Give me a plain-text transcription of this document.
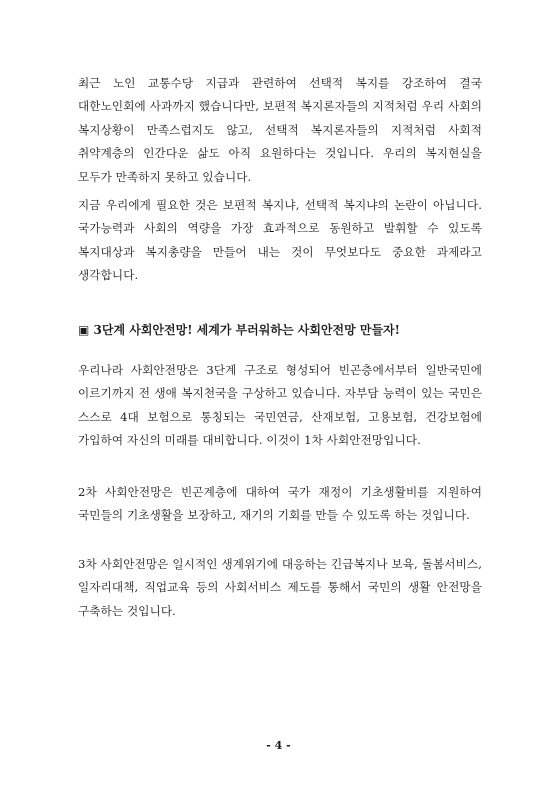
최근 노인 교통수당 지급과 관련하여 선택적 복지를 강조하여 결국 대한노인회에 사과까지 했습니다만, 보편적 복지론자들의 지적처럼 우리 사회의 복지상황이 만족스럽지도 않고, 선택적 복지론자들의 지적처럼 사회적 취약계층의 인간다운 삶도 아직 요원하다는 것입니다. 우리의 복지현실을 모두가 만족하지 못하고 있습니다.
지금 우리에게 필요한 것은 보편적 복지냐, 선택적 복지냐의 논란이 아닙니다. 국가능력과 사회의 역량을 가장 효과적으로 동원하고 발휘할 수 있도록 복지대상과 복지총량을 만들어 내는 것이 무엇보다도 중요한 과제라고 생각합니다.
▣ 3단계 사회안전망! 세계가 부러워하는 사회안전망 만들자!
우리나라 사회안전망은 3단계 구조로 형성되어 빈곤층에서부터 일반국민에 이르기까지 전 생애 복지천국을 구상하고 있습니다. 자부담 능력이 있는 국민은 스스로 4대 보험으로 통칭되는 국민연금, 산재보험, 고용보험, 건강보험에 가입하여 자신의 미래를 대비합니다. 이것이 1차 사회안전망입니다.
2차 사회안전망은 빈곤계층에 대하여 국가 재정이 기초생활비를 지원하여 국민들의 기초생활을 보장하고, 재기의 기회를 만들 수 있도록 하는 것입니다.
3차 사회안전망은 일시적인 생계위기에 대응하는 긴급복지나 보육, 돌봄서비스, 일자리대책, 직업교육 등의 사회서비스 제도를 통해서 국민의 생활 안전망을 구축하는 것입니다.
- 4 -
